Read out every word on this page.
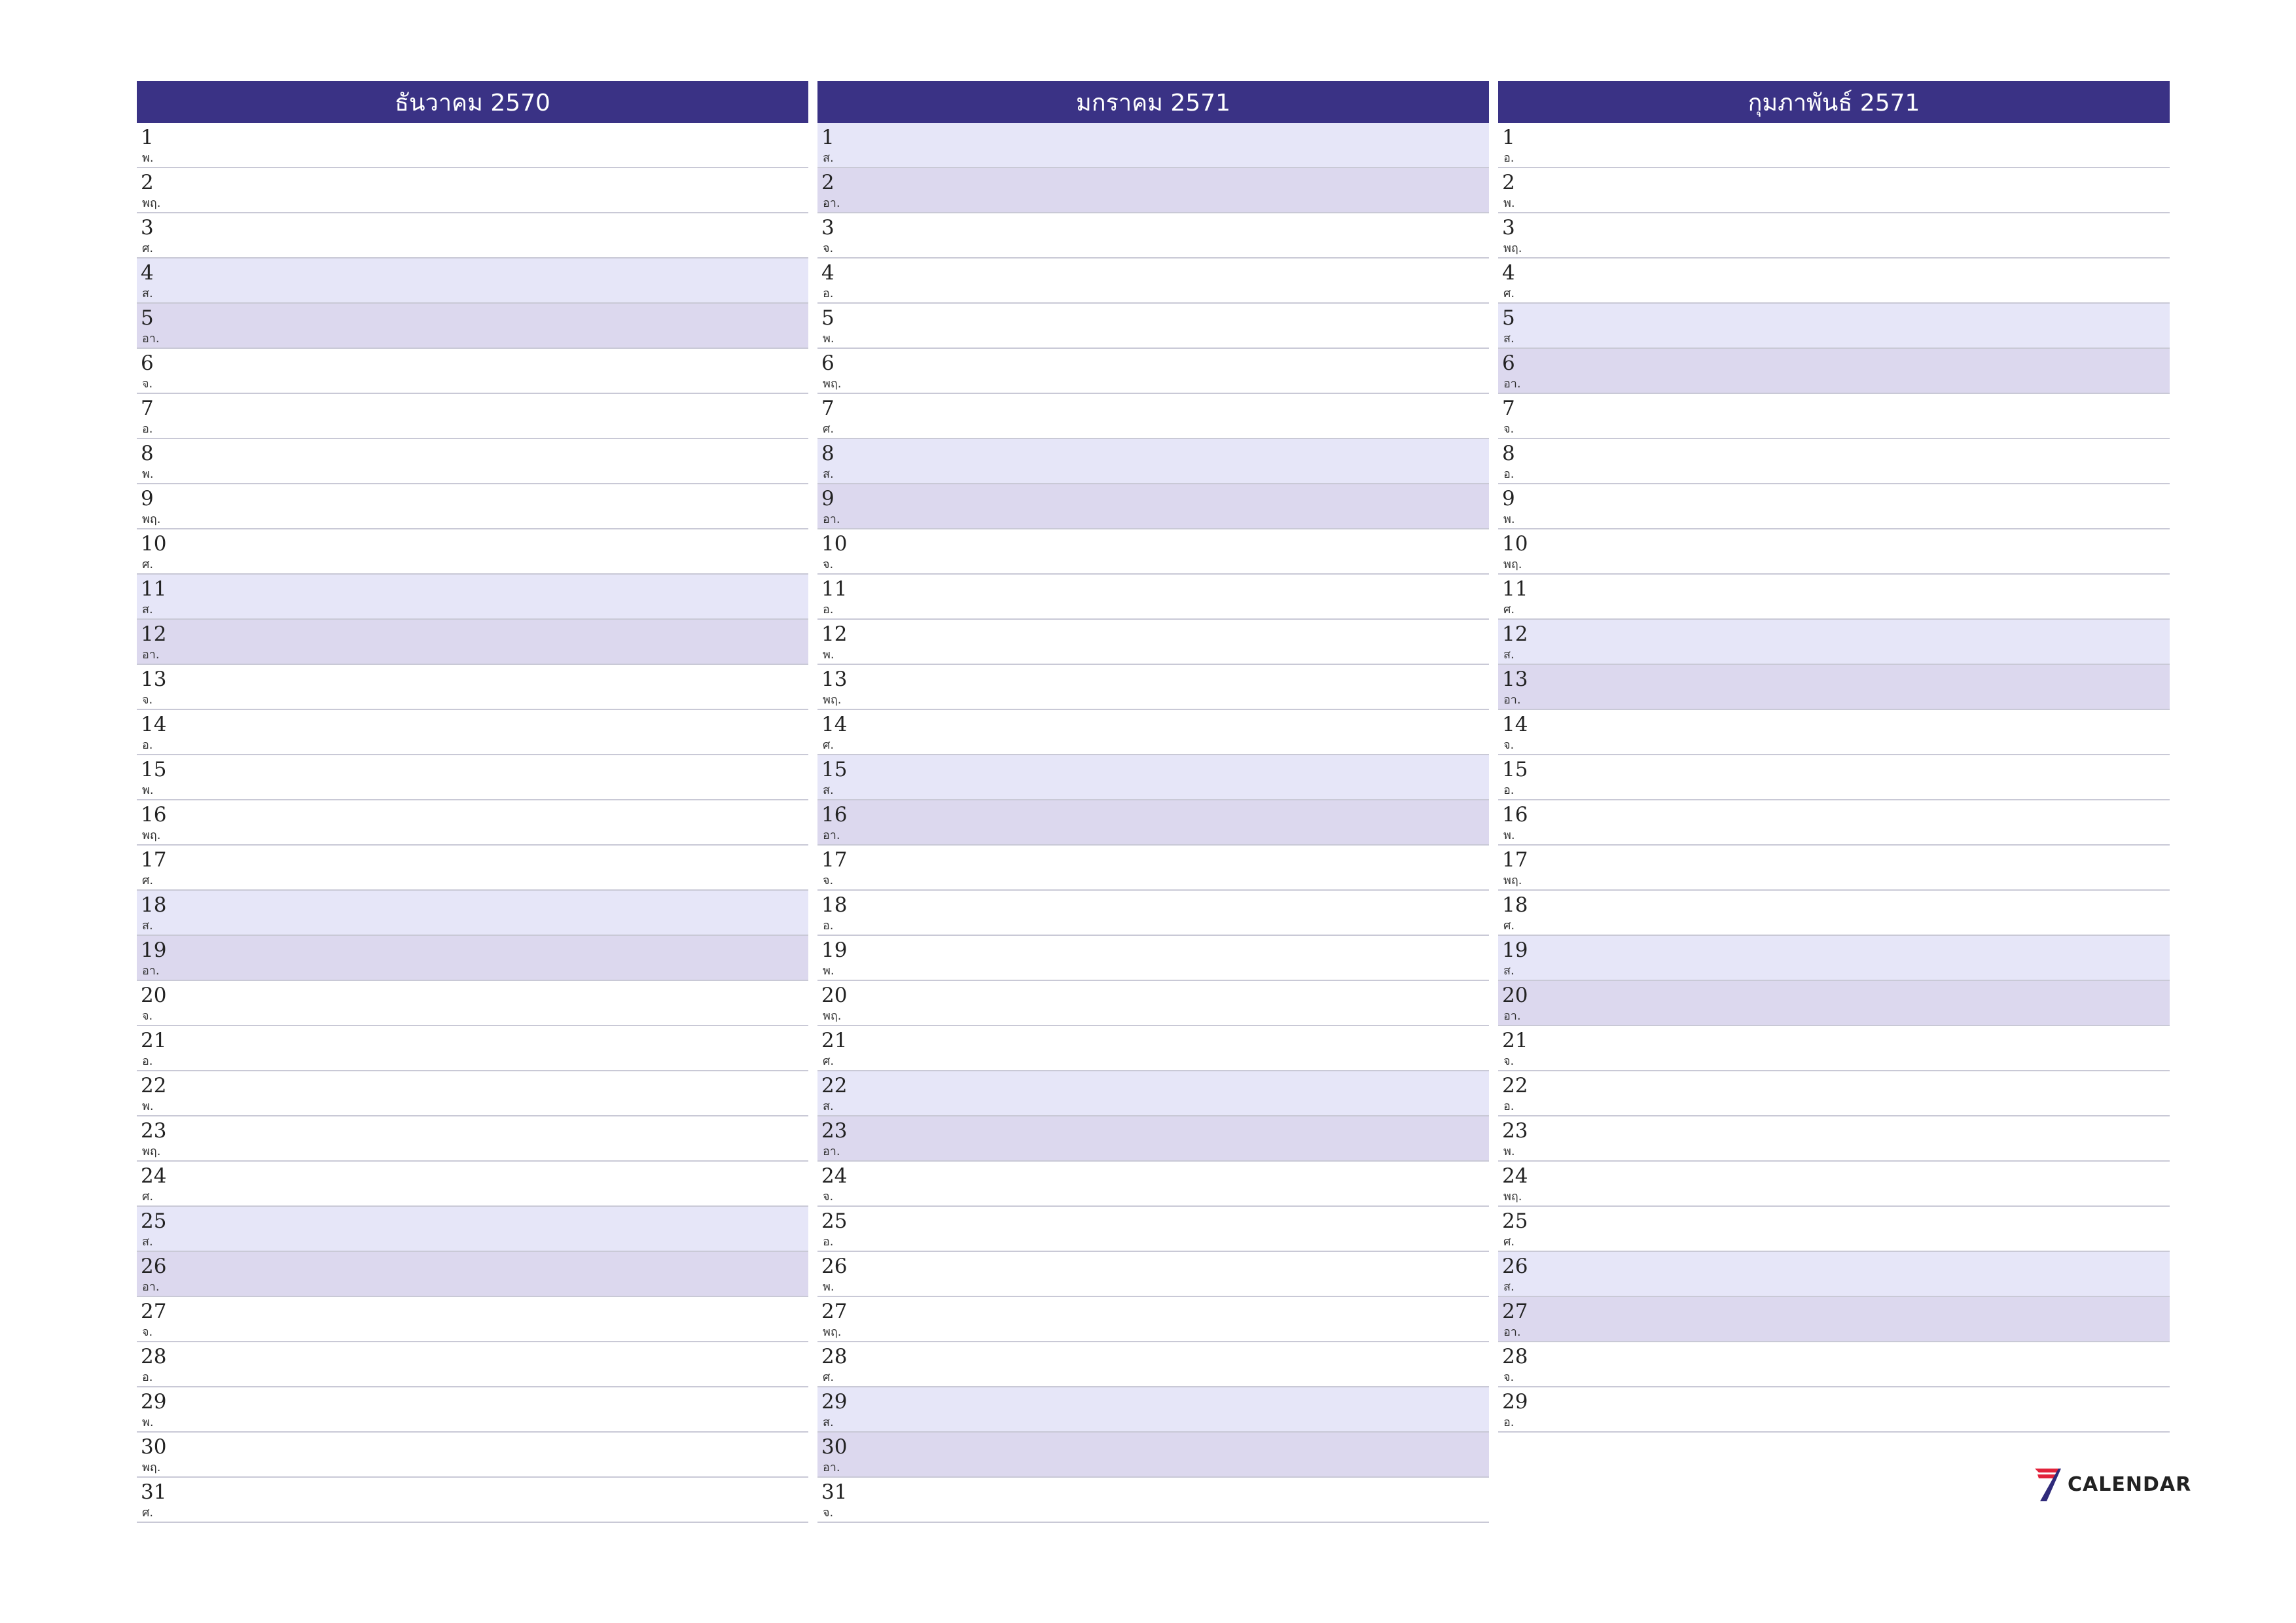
ธันวาคม 2570
1
พ.
2
พฤ.
3
ศ.
4
ส.
5
อา.
6
จ.
7
อ.
8
พ.
9
พฤ.
10
ศ.
11
ส.
12
อา.
13
จ.
14
อ.
15
พ.
16
พฤ.
17
ศ.
18
ส.
19
อา.
20
จ.
21
อ.
22
พ.
23
พฤ.
24
ศ.
25
ส.
26
อา.
27
จ.
28
อ.
29
พ.
30
พฤ.
31
ศ.
มกราคม 2571
1
ส.
2
อา.
3
จ.
4
อ.
5
พ.
6
พฤ.
7
ศ.
8
ส.
9
อา.
10
จ.
11
อ.
12
พ.
13
พฤ.
14
ศ.
15
ส.
16
อา.
17
จ.
18
อ.
19
พ.
20
พฤ.
21
ศ.
22
ส.
23
อา.
24
จ.
25
อ.
26
พ.
27
พฤ.
28
ศ.
29
ส.
30
อา.
31
จ.
กุมภาพันธ์ 2571
1
อ.
2
พ.
3
พฤ.
4
ศ.
5
ส.
6
อา.
7
จ.
8
อ.
9
พ.
10
พฤ.
11
ศ.
12
ส.
13
อา.
14
จ.
15
อ.
16
พ.
17
พฤ.
18
ศ.
19
ส.
20
อา.
21
จ.
22
อ.
23
พ.
24
พฤ.
25
ศ.
26
ส.
27
อา.
28
จ.
29
อ.
CALENDAR
